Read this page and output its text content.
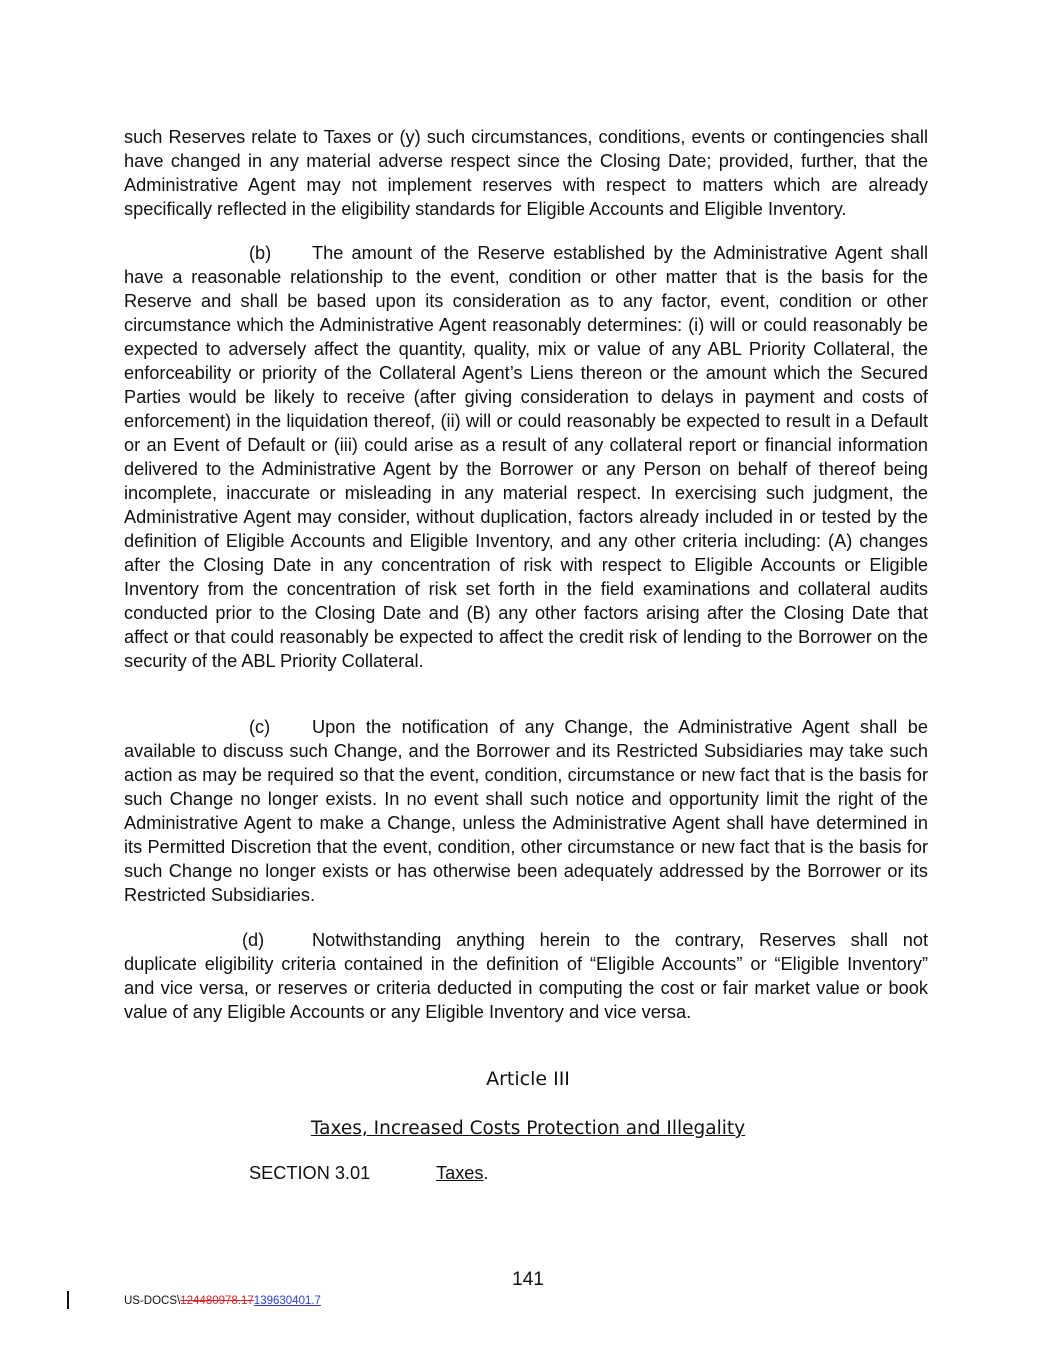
such Reserves relate to Taxes or (y) such circumstances, conditions, events or contingencies shall have changed in any material adverse respect since the Closing Date; provided, further, that the Administrative Agent may not implement reserves with respect to matters which are already specifically reflected in the eligibility standards for Eligible Accounts and Eligible Inventory.

(b) The amount of the Reserve established by the Administrative Agent shall have a reasonable relationship to the event, condition or other matter that is the basis for the Reserve and shall be based upon its consideration as to any factor, event, condition or other circumstance which the Administrative Agent reasonably determines: (i) will or could reasonably be expected to adversely affect the quantity, quality, mix or value of any ABL Priority Collateral, the enforceability or priority of the Collateral Agent’s Liens thereon or the amount which the Secured Parties would be likely to receive (after giving consideration to delays in payment and costs of enforcement) in the liquidation thereof, (ii) will or could reasonably be expected to result in a Default or an Event of Default or (iii) could arise as a result of any collateral report or financial information delivered to the Administrative Agent by the Borrower or any Person on behalf of thereof being incomplete, inaccurate or misleading in any material respect. In exercising such judgment, the Administrative Agent may consider, without duplication, factors already included in or tested by the definition of Eligible Accounts and Eligible Inventory, and any other criteria including: (A) changes after the Closing Date in any concentration of risk with respect to Eligible Accounts or Eligible Inventory from the concentration of risk set forth in the field examinations and collateral audits conducted prior to the Closing Date and (B) any other factors arising after the Closing Date that affect or that could reasonably be expected to affect the credit risk of lending to the Borrower on the security of the ABL Priority Collateral.

(c) Upon the notification of any Change, the Administrative Agent shall be available to discuss such Change, and the Borrower and its Restricted Subsidiaries may take such action as may be required so that the event, condition, circumstance or new fact that is the basis for such Change no longer exists. In no event shall such notice and opportunity limit the right of the Administrative Agent to make a Change, unless the Administrative Agent shall have determined in its Permitted Discretion that the event, condition, other circumstance or new fact that is the basis for such Change no longer exists or has otherwise been adequately addressed by the Borrower or its Restricted Subsidiaries.

(d)	Notwithstanding anything herein to the contrary, Reserves shall not duplicate eligibility criteria contained in the definition of “Eligible Accounts” or “Eligible Inventory” and vice versa, or reserves or criteria deducted in computing the cost or fair market value or book value of any Eligible Accounts or any Eligible Inventory and vice versa.

Article III
Taxes, Increased Costs Protection and Illegality
SECTION 3.01	Taxes.
141
US-DOCS\124480978.17139630401.7
